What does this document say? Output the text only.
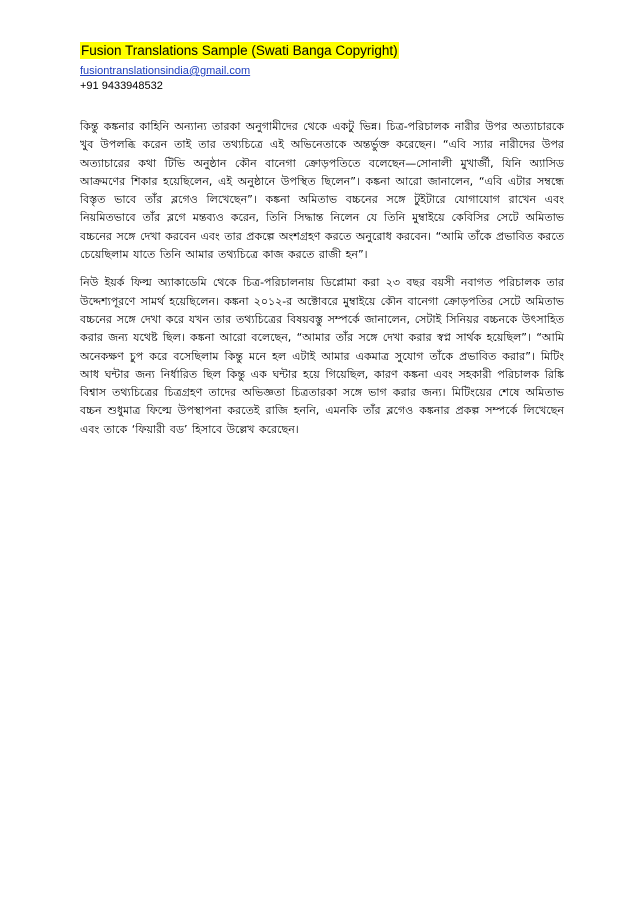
Fusion Translations Sample (Swati Banga Copyright)
fusiontranslationsindia@gmail.com
+91 9433948532

কিন্তু কঙ্কনার কাহিনি অন্যান্য তারকা অনুগামীদের থেকে একটু ভিন্ন। চিত্র-পরিচালক নারীর উপর অত্যাচারকে খুব উপলব্ধি করেন তাই তার তথ্যচিত্রে এই অভিনেতাকে অন্তর্ভুক্ত করেছেন। “এবি স্যার নারীদের উপর অত্যাচারের কথা টিভি অনুষ্ঠান কৌন বানেগা ক্রোড়পতিতে বলেছেন—সোনালী মুখার্জী, যিনি অ্যাসিড আক্রমণের শিকার হয়েছিলেন, এই অনুষ্ঠানে উপস্থিত ছিলেন”। কঙ্কনা আরো জানালেন, “এবি এটার সম্বন্ধে বিস্তৃত ভাবে তাঁর ব্লগেও লিখেছেন”। কঙ্কনা অমিতাভ বচ্চনের সঙ্গে টুইটারে যোগাযোগ রাখেন এবং নিয়মিতভাবে তাঁর ব্লগে মন্তব্যও করেন, তিনি সিদ্ধান্ত নিলেন যে তিনি মুম্বাইয়ে কেবিসির সেটে অমিতাভ বচ্চনের সঙ্গে দেখা করবেন এবং তার প্রকল্পে অংশগ্রহণ করতে অনুরোধ করবেন। “আমি তাঁকে প্রভাবিত করতে চেয়েছিলাম যাতে তিনি আমার তথ্যচিত্রে কাজ করতে রাজী হন”।

নিউ ইয়র্ক ফিল্ম অ্যাকাডেমি থেকে চিত্র-পরিচালনায় ডিপ্লোমা করা ২৩ বছর বয়সী নবাগত পরিচালক তার উদ্দেশ্যপূরণে সামর্থ হয়েছিলেন। কঙ্কনা ২০১২-র অক্টোবরে মুম্বাইয়ে কৌন বানেগা ক্রোড়পতির সেটে অমিতাভ বচ্চনের সঙ্গে দেখা করে যখন তার তথ্যচিত্রের বিষয়বস্তু সম্পর্কে জানালেন, সেটাই সিনিয়র বচ্চনকে উৎসাহিত করার জন্য যথেষ্ট ছিল। কঙ্কনা আরো বলেছেন, “আমার তাঁর সঙ্গে দেখা করার স্বপ্ন সার্থক হয়েছিল”। “আমি অনেকক্ষণ চুপ করে বসেছিলাম কিন্তু মনে হল এটাই আমার একমাত্র সুযোগ তাঁকে প্রভাবিত করার”। মিটিং আধ ঘন্টার জন্য নির্ধারিত ছিল কিন্তু এক ঘন্টার হয়ে গিয়েছিল, কারণ কঙ্কনা এবং সহকারী পরিচালক রিঙ্কি বিশ্বাস তথ্যচিত্রের চিত্রগ্রহণ তাদের অভিজ্ঞতা চিত্রতারকা সঙ্গে ভাগ করার জন্য। মিটিংয়ের শেষে অমিতাভ বচ্চন শুধুমাত্র ফিল্মে উপস্থাপনা করতেই রাজি হননি, এমনকি তাঁর ব্লগেও কঙ্কনার প্রকল্প সম্পর্কে লিখেছেন এবং তাকে ‘ফিয়ারী বড’ হিসাবে উল্লেখ করেছেন।
